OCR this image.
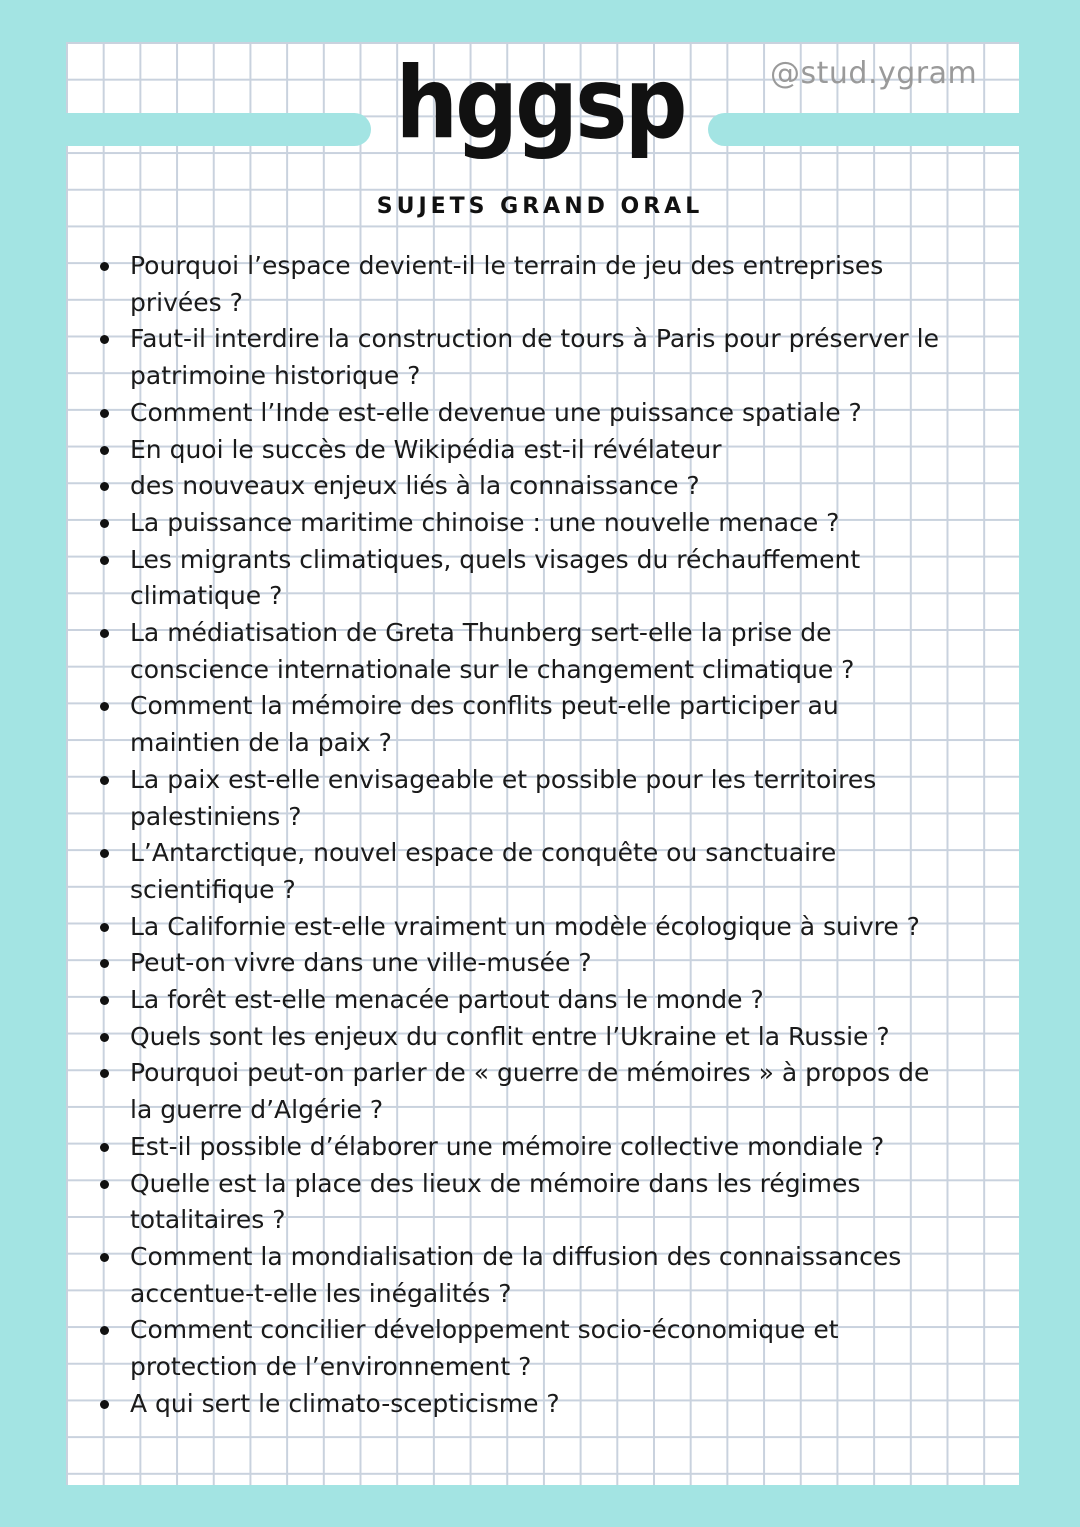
@stud.ygram
hggsp
SUJETS GRAND ORAL
Pourquoi l’espace devient-il le terrain de jeu des entreprises
privées ?
Faut-il interdire la construction de tours à Paris pour préserver le
patrimoine historique ?
Comment l’Inde est-elle devenue une puissance spatiale ?
En quoi le succès de Wikipédia est-il révélateur
des nouveaux enjeux liés à la connaissance ?
La puissance maritime chinoise : une nouvelle menace ?
Les migrants climatiques, quels visages du réchauffement
climatique ?
La médiatisation de Greta Thunberg sert-elle la prise de
conscience internationale sur le changement climatique ?
Comment la mémoire des conflits peut-elle participer au
maintien de la paix ?
La paix est-elle envisageable et possible pour les territoires
palestiniens ?
L’Antarctique, nouvel espace de conquête ou sanctuaire
scientifique ?
La Californie est-elle vraiment un modèle écologique à suivre ?
Peut-on vivre dans une ville-musée ?
La forêt est-elle menacée partout dans le monde ?
Quels sont les enjeux du conflit entre l’Ukraine et la Russie ?
Pourquoi peut-on parler de « guerre de mémoires » à propos de
la guerre d’Algérie ?
Est-il possible d’élaborer une mémoire collective mondiale ?
Quelle est la place des lieux de mémoire dans les régimes
totalitaires ?
Comment la mondialisation de la diffusion des connaissances
accentue-t-elle les inégalités ?
Comment concilier développement socio-économique et
protection de l’environnement ?
A qui sert le climato-scepticisme ?
